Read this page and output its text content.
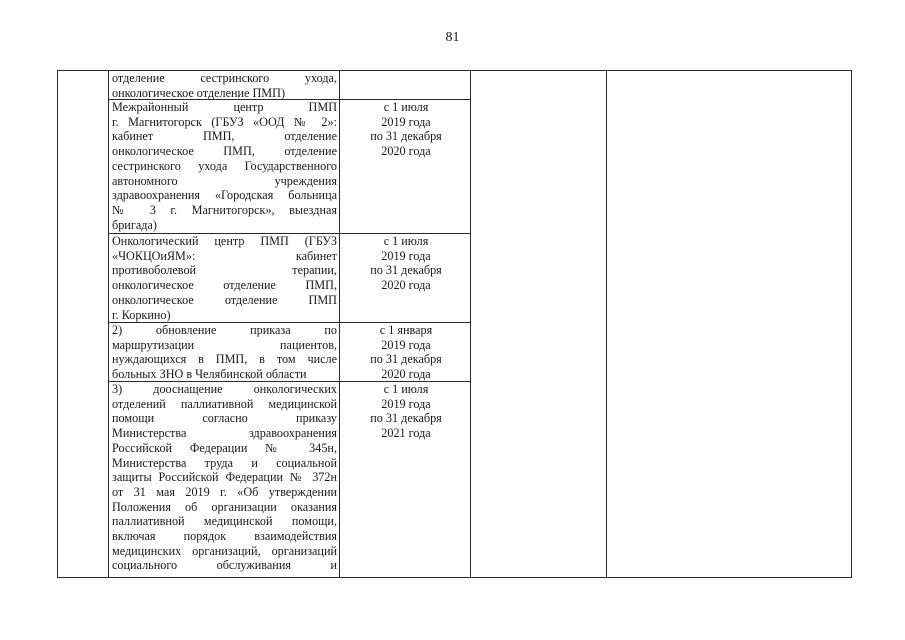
81
отделение сестринского ухода,
онкологическое отделение ПМП)
Межрайонный центр ПМП
г. Магнитогорск (ГБУЗ «ООД № 2»:
кабинет ПМП, отделение
онкологическое ПМП, отделение
сестринского ухода Государственного
автономного учреждения
здравоохранения «Городская больница
№ 3 г. Магнитогорск», выездная
бригада)
с 1 июля
2019 года
по 31 декабря
2020 года
Онкологический центр ПМП (ГБУЗ
«ЧОКЦОиЯМ»: кабинет
противоболевой терапии,
онкологическое отделение ПМП,
онкологическое отделение ПМП
г. Коркино)
с 1 июля
2019 года
по 31 декабря
2020 года
2) обновление приказа по
маршрутизации пациентов,
нуждающихся в ПМП, в том числе
больных ЗНО в Челябинской области
с 1 января
2019 года
по 31 декабря
2020 года
3) дооснащение онкологических
отделений паллиативной медицинской
помощи согласно приказу
Министерства здравоохранения
Российской Федерации № 345н,
Министерства труда и социальной
защиты Российской Федерации № 372н
от 31 мая 2019 г. «Об утверждении
Положения об организации оказания
паллиативной медицинской помощи,
включая порядок взаимодействия
медицинских организаций, организаций
социального обслуживания и
с 1 июля
2019 года
по 31 декабря
2021 года
